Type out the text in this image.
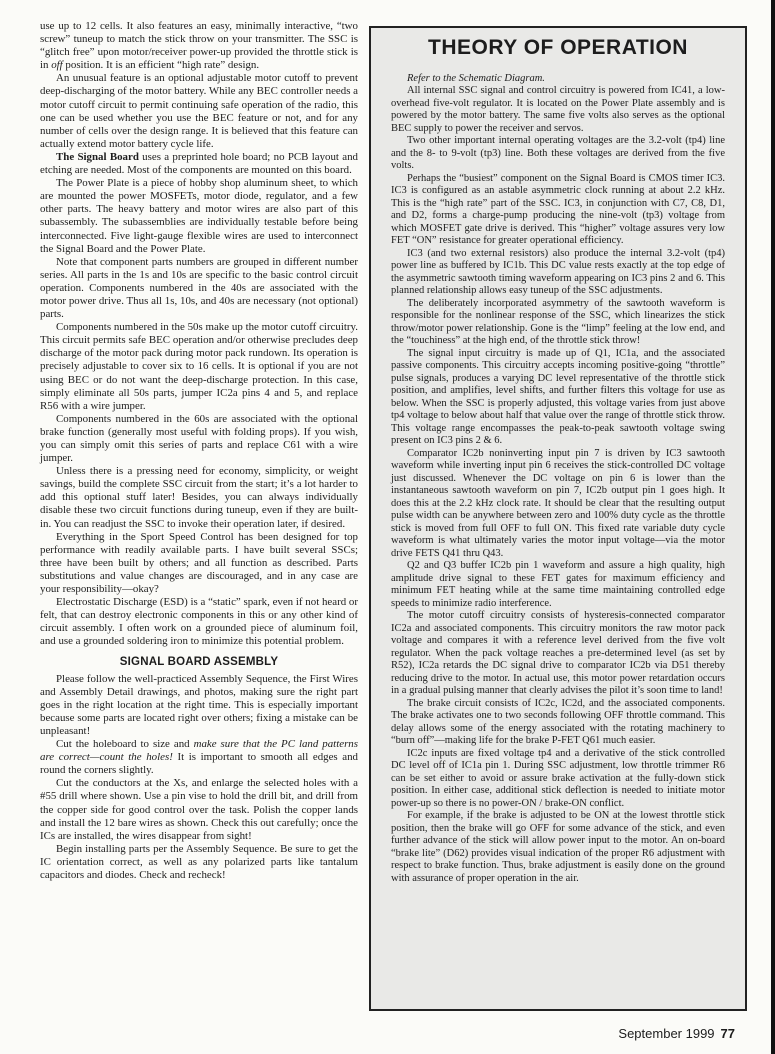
use up to 12 cells. It also features an easy, minimally interactive, “two screw” tuneup to match the stick throw on your transmitter. The SSC is “glitch free” upon motor/receiver power-up provided the throttle stick is in off position. It is an efficient “high rate” design.

An unusual feature is an optional adjustable motor cutoff to prevent deep-discharging of the motor battery. While any BEC controller needs a motor cutoff circuit to permit continuing safe operation of the radio, this one can be used whether you use the BEC feature or not, and for any number of cells over the design range. It is believed that this feature can actually extend motor battery cycle life.

The Signal Board uses a preprinted hole board; no PCB layout and etching are needed. Most of the components are mounted on this board.

The Power Plate is a piece of hobby shop aluminum sheet, to which are mounted the power MOSFETs, motor diode, regulator, and a few other parts. The heavy battery and motor wires are also part of this subassembly. The subassemblies are individually testable before being interconnected. Five light-gauge flexible wires are used to interconnect the Signal Board and the Power Plate.

Note that component parts numbers are grouped in different number series. All parts in the 1s and 10s are specific to the basic control circuit operation. Components numbered in the 40s are associated with the motor power drive. Thus all 1s, 10s, and 40s are necessary (not optional) parts.

Components numbered in the 50s make up the motor cutoff circuitry. This circuit permits safe BEC operation and/or otherwise precludes deep discharge of the motor pack during motor pack rundown. Its operation is precisely adjustable to cover six to 16 cells. It is optional if you are not using BEC or do not want the deep-discharge protection. In this case, simply eliminate all 50s parts, jumper IC2a pins 4 and 5, and replace R56 with a wire jumper.

Components numbered in the 60s are associated with the optional brake function (generally most useful with folding props). If you wish, you can simply omit this series of parts and replace C61 with a wire jumper.

Unless there is a pressing need for economy, simplicity, or weight savings, build the complete SSC circuit from the start; it’s a lot harder to add this optional stuff later! Besides, you can always individually disable these two circuit functions during tuneup, even if they are built-in. You can readjust the SSC to invoke their operation later, if desired.

Everything in the Sport Speed Control has been designed for top performance with readily available parts. I have built several SSCs; three have been built by others; and all function as described. Parts substitutions and value changes are discouraged, and in any case are your responsibility—okay?

Electrostatic Discharge (ESD) is a “static” spark, even if not heard or felt, that can destroy electronic components in this or any other kind of circuit assembly. I often work on a grounded piece of aluminum foil, and use a grounded soldering iron to minimize this potential problem.

SIGNAL BOARD ASSEMBLY

Please follow the well-practiced Assembly Sequence, the First Wires and Assembly Detail drawings, and photos, making sure the right part goes in the right location at the right time. This is especially important because some parts are located right over others; fixing a mistake can be unpleasant!

Cut the holeboard to size and make sure that the PC land patterns are correct—count the holes! It is important to smooth all edges and round the corners slightly.

Cut the conductors at the Xs, and enlarge the selected holes with a #55 drill where shown. Use a pin vise to hold the drill bit, and drill from the copper side for good control over the task. Polish the copper lands and install the 12 bare wires as shown. Check this out carefully; once the ICs are installed, the wires disappear from sight!

Begin installing parts per the Assembly Sequence. Be sure to get the IC orientation correct, as well as any polarized parts like tantalum capacitors and diodes. Check and recheck!

THEORY OF OPERATION

Refer to the Schematic Diagram.

All internal SSC signal and control circuitry is powered from IC41, a low-overhead five-volt regulator. It is located on the Power Plate assembly and is powered by the motor battery. The same five volts also serves as the optional BEC supply to power the receiver and servos.

Two other important internal operating voltages are the 3.2-volt (tp4) line and the 8- to 9-volt (tp3) line. Both these voltages are derived from the five volts.

Perhaps the “busiest” component on the Signal Board is CMOS timer IC3. IC3 is configured as an astable asymmetric clock running at about 2.2 kHz. This is the “high rate” part of the SSC. IC3, in conjunction with C7, C8, D1, and D2, forms a charge-pump producing the nine-volt (tp3) voltage from which MOSFET gate drive is derived. This “higher” voltage assures very low FET “ON” resistance for greater operational efficiency.

IC3 (and two external resistors) also produce the internal 3.2-volt (tp4) power line as buffered by IC1b. This DC value rests exactly at the top edge of the asymmetric sawtooth timing waveform appearing on IC3 pins 2 and 6. This planned relationship allows easy tuneup of the SSC adjustments.

The deliberately incorporated asymmetry of the sawtooth waveform is responsible for the nonlinear response of the SSC, which linearizes the stick throw/motor power relationship. Gone is the “limp” feeling at the low end, and the “touchiness” at the high end, of the throttle stick throw!

The signal input circuitry is made up of Q1, IC1a, and the associated passive components. This circuitry accepts incoming positive-going “throttle” pulse signals, produces a varying DC level representative of the throttle stick position, and amplifies, level shifts, and further filters this voltage for use as below. When the SSC is properly adjusted, this voltage varies from just above tp4 voltage to below about half that value over the range of throttle stick throw. This voltage range encompasses the peak-to-peak sawtooth voltage swing present on IC3 pins 2 & 6.

Comparator IC2b noninverting input pin 7 is driven by IC3 sawtooth waveform while inverting input pin 6 receives the stick-controlled DC voltage just discussed. Whenever the DC voltage on pin 6 is lower than the instantaneous sawtooth waveform on pin 7, IC2b output pin 1 goes high. It does this at the 2.2 kHz clock rate. It should be clear that the resulting output pulse width can be anywhere between zero and 100% duty cycle as the throttle stick is moved from full OFF to full ON. This fixed rate variable duty cycle waveform is what ultimately varies the motor input voltage—via the motor drive FETS Q41 thru Q43.

Q2 and Q3 buffer IC2b pin 1 waveform and assure a high quality, high amplitude drive signal to these FET gates for maximum efficiency and minimum FET heating while at the same time maintaining controlled edge speeds to minimize radio interference.

The motor cutoff circuitry consists of hysteresis-connected comparator IC2a and associated components. This circuitry monitors the raw motor pack voltage and compares it with a reference level derived from the five volt regulator. When the pack voltage reaches a pre-determined level (as set by R52), IC2a retards the DC signal drive to comparator IC2b via D51 thereby reducing drive to the motor. In actual use, this motor power retardation occurs in a gradual pulsing manner that clearly advises the pilot it’s soon time to land!

The brake circuit consists of IC2c, IC2d, and the associated components. The brake activates one to two seconds following OFF throttle command. This delay allows some of the energy associated with the rotating machinery to “burn off”—making life for the brake P-FET Q61 much easier.

IC2c inputs are fixed voltage tp4 and a derivative of the stick controlled DC level off of IC1a pin 1. During SSC adjustment, low throttle trimmer R6 can be set either to avoid or assure brake activation at the fully-down stick position. In either case, additional stick deflection is needed to initiate motor power-up so there is no power-ON / brake-ON conflict.

For example, if the brake is adjusted to be ON at the lowest throttle stick position, then the brake will go OFF for some advance of the stick, and even further advance of the stick will allow power input to the motor. An on-board “brake lite” (D62) provides visual indication of the proper R6 adjustment with respect to brake function. Thus, brake adjustment is easily done on the ground with assurance of proper operation in the air.

September 1999 77
